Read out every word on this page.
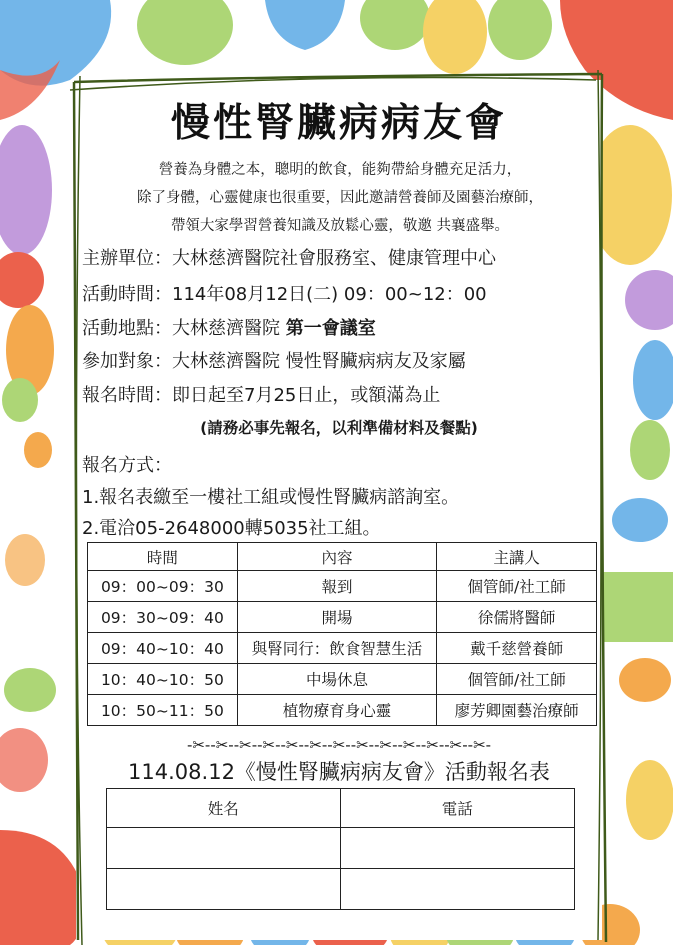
慢性腎臟病病友會
營養為身體之本，聰明的飲食，能夠帶給身體充足活力，
除了身體，心靈健康也很重要，因此邀請營養師及園藝治療師，
帶領大家學習營養知識及放鬆心靈，敬邀 共襄盛舉。
主辦單位：大林慈濟醫院社會服務室、健康管理中心
活動時間：114年08月12日(二) 09：00~12：00
活動地點：大林慈濟醫院 第一會議室
參加對象：大林慈濟醫院 慢性腎臟病病友及家屬
報名時間：即日起至7月25日止，或額滿為止
(請務必事先報名，以利準備材料及餐點)
報名方式：
1.報名表繳至一樓社工組或慢性腎臟病諮詢室。
2.電洽05-2648000轉5035社工組。
時間	內容	主講人
09：00~09：30	報到	個管師/社工師
09：30~09：40	開場	徐儒將醫師
09：40~10：40	與腎同行：飲食智慧生活	戴千慈營養師
10：40~10：50	中場休息	個管師/社工師
10：50~11：50	植物療育身心靈	廖芳卿園藝治療師
-✂--✂--✂--✂--✂--✂--✂--✂--✂--✂--✂--✂--✂-
114.08.12《慢性腎臟病病友會》活動報名表
姓名	電話
